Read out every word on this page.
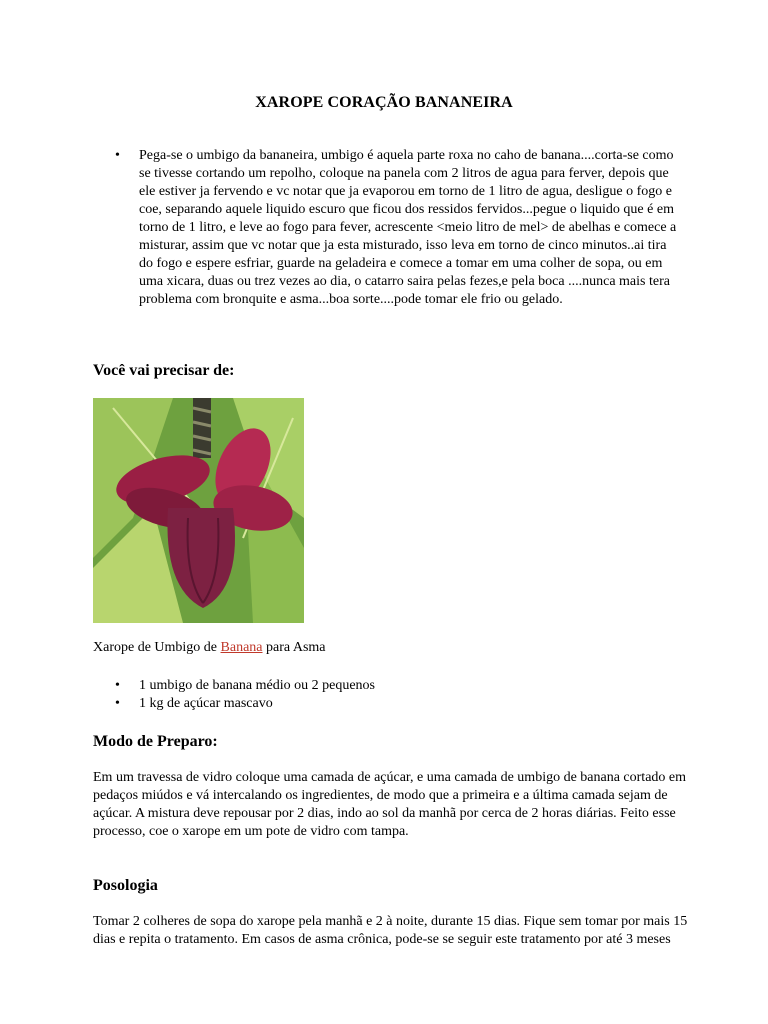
XAROPE CORAÇÃO BANANEIRA
• Pega-se o umbigo da bananeira, umbigo é aquela parte roxa no caho de banana....corta-se como se tivesse cortando um repolho, coloque na panela com 2 litros de agua para ferver, depois que ele estiver ja fervendo e vc notar que ja evaporou em torno de 1 litro de agua, desligue o fogo e coe, separando aquele liquido escuro que ficou dos ressidos fervidos...pegue o liquido que é em torno de 1 litro, e leve ao fogo para fever, acrescente <meio litro de mel> de abelhas e comece a misturar, assim que vc notar que ja esta misturado, isso leva em torno de cinco minutos..ai tira do fogo e espere esfriar, guarde na geladeira e comece a tomar em uma colher de sopa, ou em uma xicara, duas ou trez vezes ao dia, o catarro saira pelas fezes,e pela boca ....nunca mais tera problema com bronquite e asma...boa sorte....pode tomar ele frio ou gelado.
Você vai precisar de:
Xarope de Umbigo de Banana para Asma
• 1 umbigo de banana médio ou 2 pequenos
• 1 kg de açúcar mascavo
Modo de Preparo:
Em um travessa de vidro coloque uma camada de açúcar, e uma camada de umbigo de banana cortado em pedaços miúdos e vá intercalando os ingredientes, de modo que a primeira e a última camada sejam de açúcar. A mistura deve repousar por 2 dias, indo ao sol da manhã por cerca de 2 horas diárias. Feito esse processo, coe o xarope em um pote de vidro com tampa.
Posologia
Tomar 2 colheres de sopa do xarope pela manhã e 2 à noite, durante 15 dias. Fique sem tomar por mais 15 dias e repita o tratamento. Em casos de asma crônica, pode-se se seguir este tratamento por até 3 meses
